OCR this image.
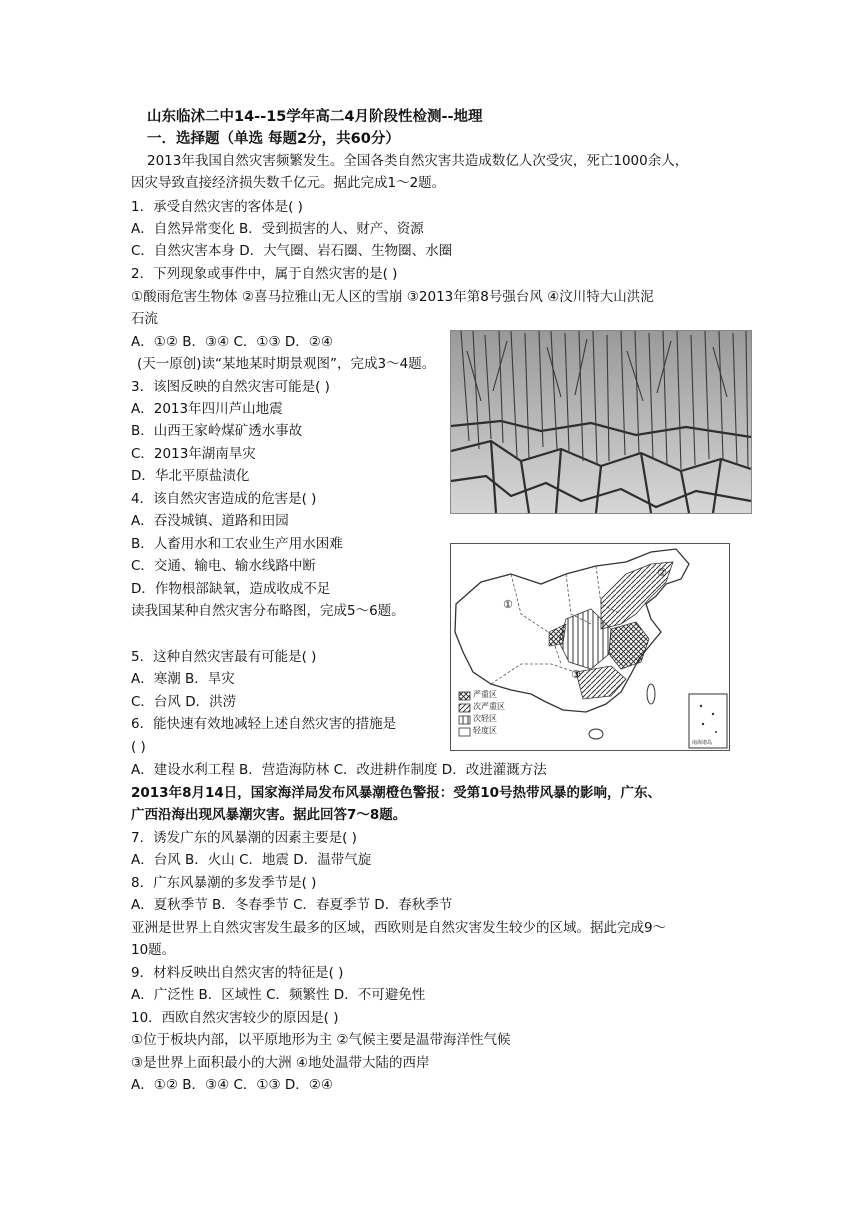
山东临沭二中14--15学年高二4月阶段性检测--地理
一．选择题（单选 每题2分，共60分）
2013年我国自然灾害频繁发生。全国各类自然灾害共造成数亿人次受灾，死亡1000余人，
因灾导致直接经济损失数千亿元。据此完成1～2题。
1．承受自然灾害的客体是( )
A．自然异常变化 B．受到损害的人、财产、资源
C．自然灾害本身 D．大气圈、岩石圈、生物圈、水圈
2．下列现象或事件中，属于自然灾害的是( )
①酸雨危害生物体 ②喜马拉雅山无人区的雪崩 ③2013年第8号强台风 ④汶川特大山洪泥
石流
A．①② B．③④ C．①③ D．②④
(天一原创)读“某地某时期景观图”，完成3～4题。
3．该图反映的自然灾害可能是( )
A．2013年四川芦山地震
B．山西王家岭煤矿透水事故
C．2013年湖南旱灾
D．华北平原盐渍化
4．该自然灾害造成的危害是( )
A．吞没城镇、道路和田园
B．人畜用水和工农业生产用水困难
C．交通、输电、输水线路中断
D．作物根部缺氧，造成收成不足
读我国某种自然灾害分布略图，完成5～6题。
5．这种自然灾害最有可能是( )
A．寒潮 B．旱灾
C．台风 D．洪涝
6．能快速有效地减轻上述自然灾害的措施是
( )
A．建设水利工程 B．营造海防林 C．改进耕作制度 D．改进灌溉方法
2013年8月14日，国家海洋局发布风暴潮橙色警报：受第10号热带风暴的影响，广东、
广西沿海出现风暴潮灾害。据此回答7～8题。
7．诱发广东的风暴潮的因素主要是( )
A．台风 B．火山 C．地震 D．温带气旋
8．广东风暴潮的多发季节是( )
A．夏秋季节 B．冬春季节 C．春夏季节 D．春秋季节
亚洲是世界上自然灾害发生最多的区域，西欧则是自然灾害发生较少的区域。据此完成9～
10题。
9．材料反映出自然灾害的特征是( )
A．广泛性 B．区域性 C．频繁性 D．不可避免性
10．西欧自然灾害较少的原因是( )
①位于板块内部，以平原地形为主 ②气候主要是温带海洋性气候
③是世界上面积最小的大洲 ④地处温带大陆的西岸
A．①② B．③④ C．①③ D．②④
严重区
次严重区
次轻区
轻度区
①
②
③
南海诸岛
